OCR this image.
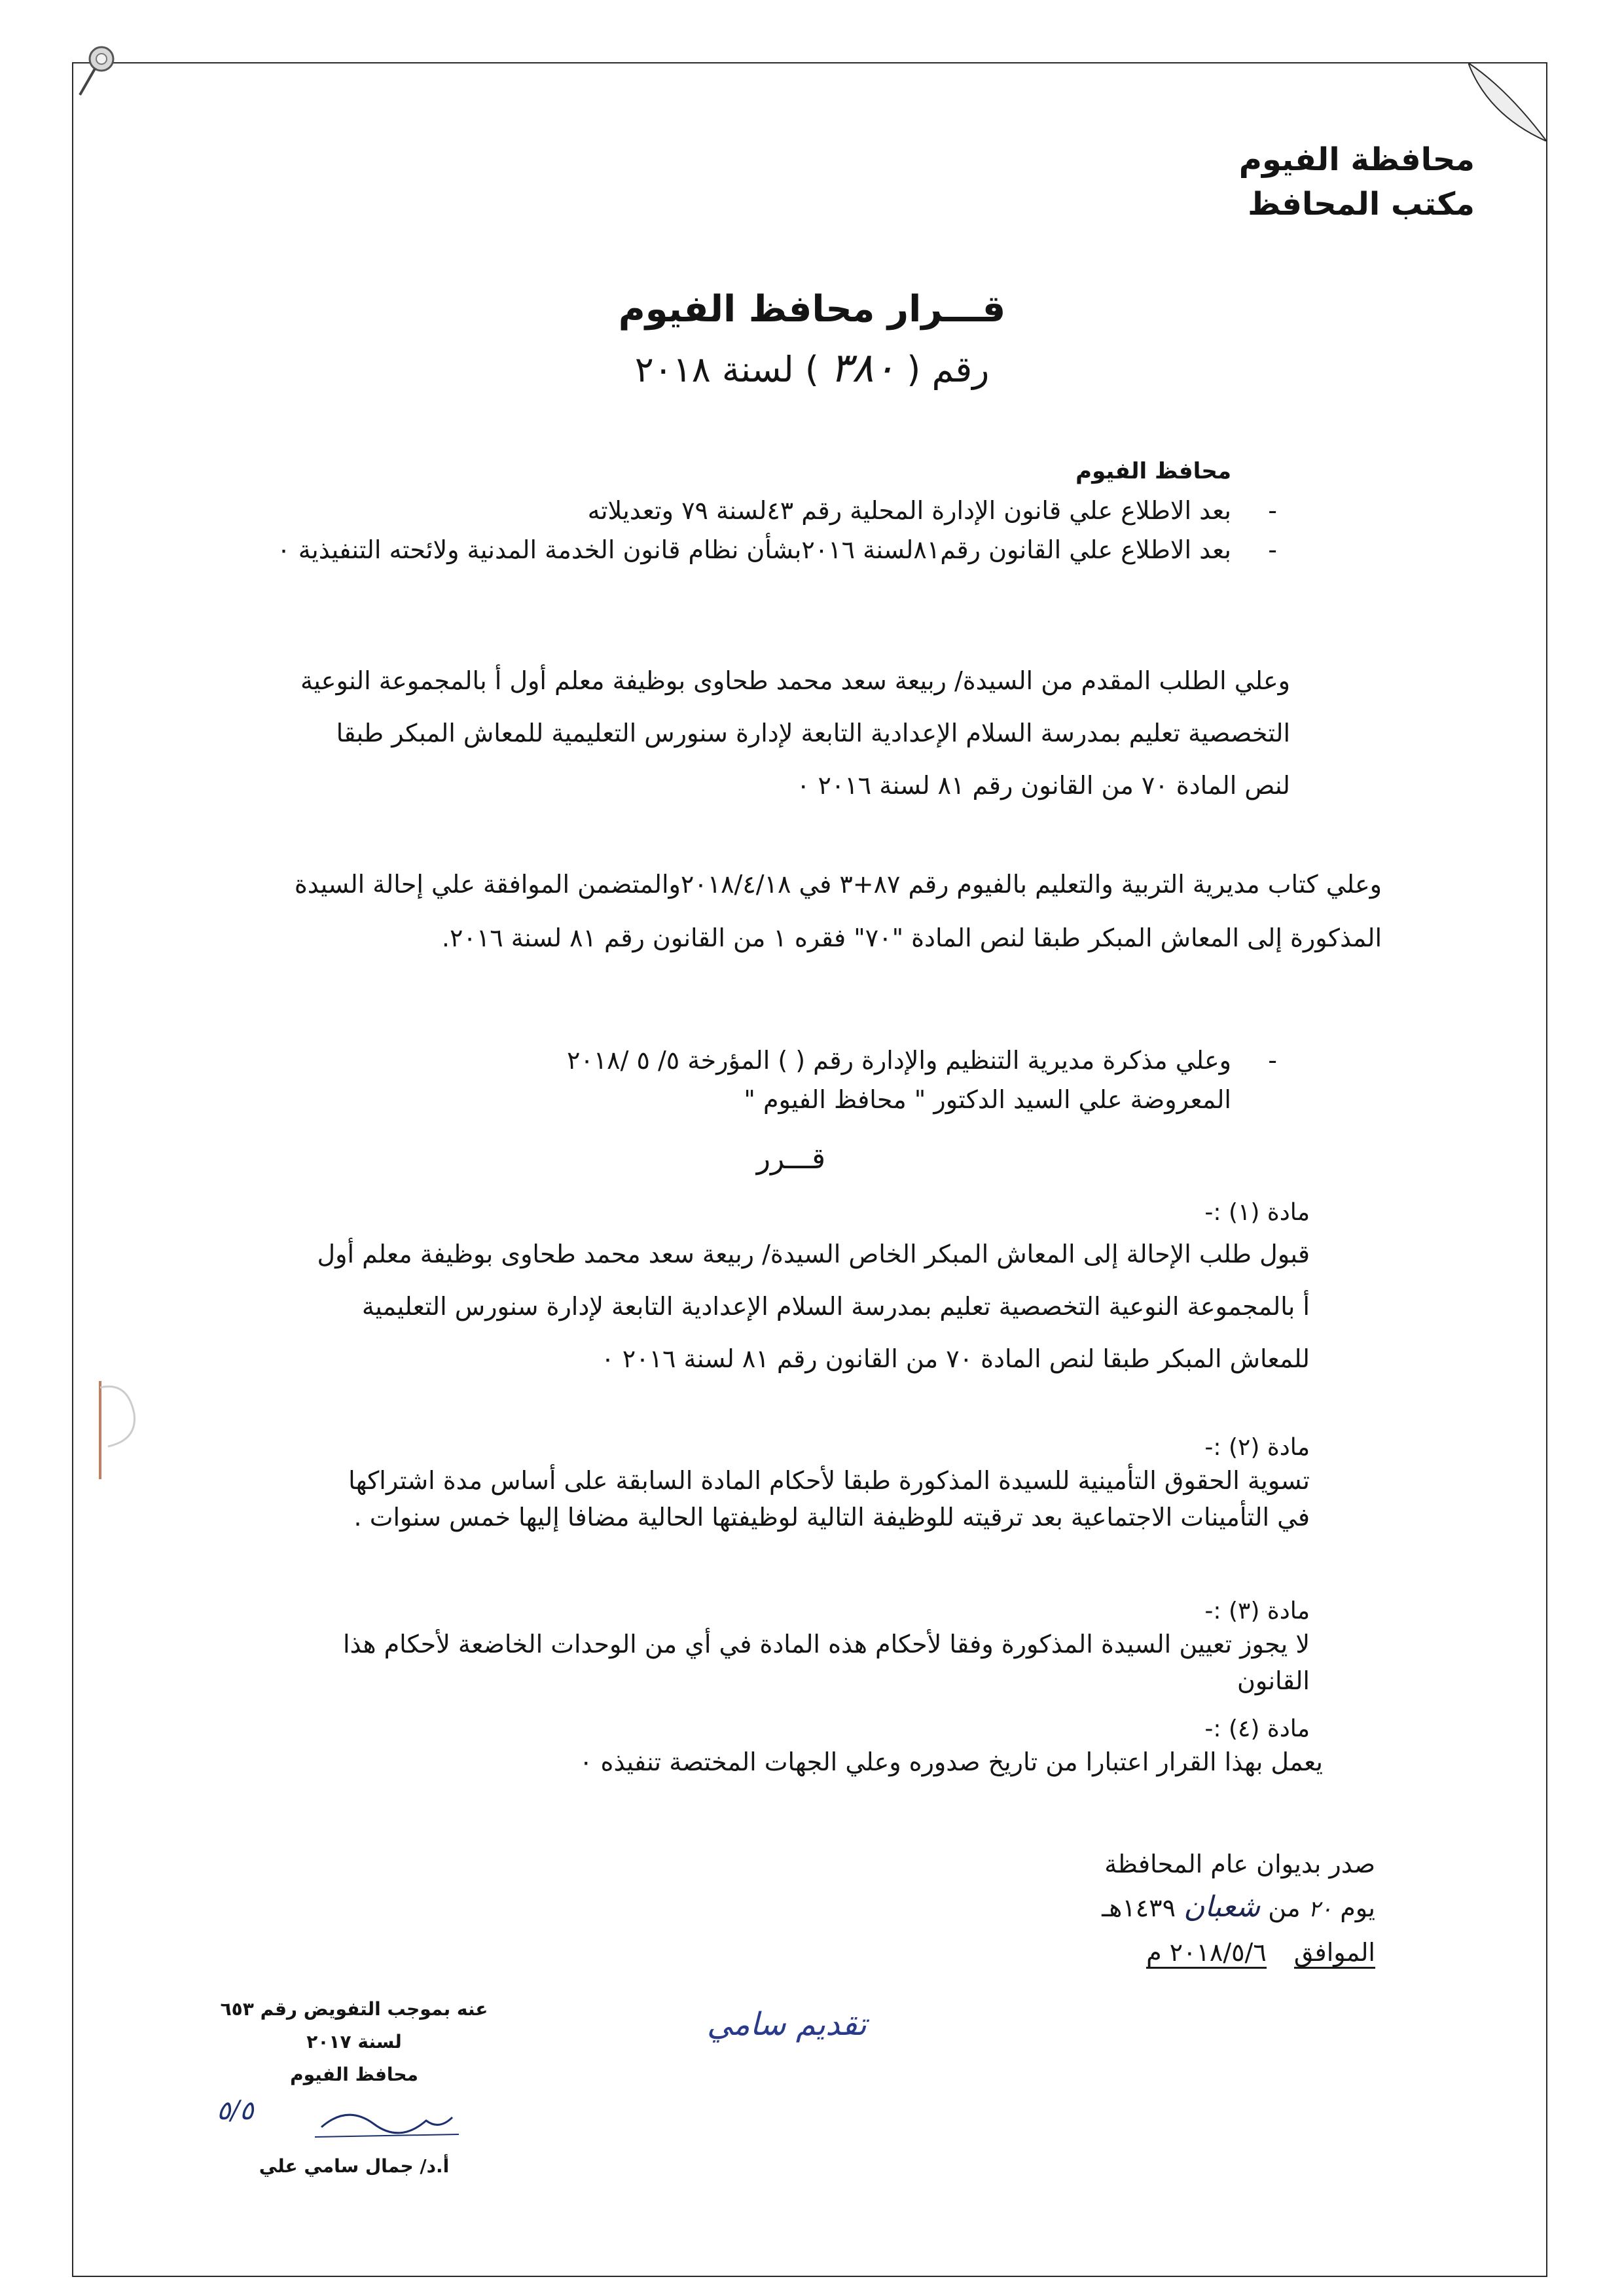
محافظة الفيوم
مكتب المحافظ
قـــرار محافظ الفيوم
رقم ( ٣٨٠ ) لسنة ٢٠١٨
محافظ الفيوم
-
بعد الاطلاع علي قانون الإدارة المحلية رقم ٤٣لسنة ٧٩ وتعديلاته
-
بعد الاطلاع علي القانون رقم٨١لسنة ٢٠١٦بشأن نظام قانون الخدمة المدنية ولائحته التنفيذية ٠
وعلي الطلب المقدم من السيدة/ ربيعة سعد محمد طحاوى بوظيفة معلم أول أ بالمجموعة النوعية التخصصية تعليم بمدرسة السلام الإعدادية التابعة لإدارة سنورس التعليمية للمعاش المبكر طبقا لنص المادة ٧٠ من القانون رقم ٨١ لسنة ٢٠١٦ ٠
وعلي كتاب مديرية التربية والتعليم بالفيوم رقم ٨٧+٣ في ٢٠١٨/٤/١٨والمتضمن الموافقة علي إحالة السيدة المذكورة إلى المعاش المبكر طبقا لنص المادة "٧٠" فقره ١ من القانون رقم ٨١ لسنة ٢٠١٦.
-
وعلي مذكرة مديرية التنظيم والإدارة رقم ( ) المؤرخة ٥/ ٥ /٢٠١٨
المعروضة علي السيد الدكتور " محافظ الفيوم "
قـــرر
مادة (١) :-
قبول طلب الإحالة إلى المعاش المبكر الخاص السيدة/ ربيعة سعد محمد طحاوى بوظيفة معلم أول أ بالمجموعة النوعية التخصصية تعليم بمدرسة السلام الإعدادية التابعة لإدارة سنورس التعليمية للمعاش المبكر طبقا لنص المادة ٧٠ من القانون رقم ٨١ لسنة ٢٠١٦ ٠
مادة (٢) :-
تسوية الحقوق التأمينية للسيدة المذكورة طبقا لأحكام المادة السابقة على أساس مدة اشتراكها في التأمينات الاجتماعية بعد ترقيته للوظيفة التالية لوظيفتها الحالية مضافا إليها خمس سنوات .
مادة (٣) :-
لا يجوز تعيين السيدة المذكورة وفقا لأحكام هذه المادة في أي من الوحدات الخاضعة لأحكام هذا القانون
مادة (٤) :-
يعمل بهذا القرار اعتبارا من تاريخ صدوره وعلي الجهات المختصة تنفيذه ٠
صدر بديوان عام المحافظة
يوم ٢٠ من شعبان ١٤٣٩هـ
الموافق ٢٠١٨/٥/٦ م
عنه بموجب التفويض رقم ٦٥٣ لسنة ٢٠١٧
محافظ الفيوم
٥/٥
أ.د/ جمال سامي علي
تقديم سامي
